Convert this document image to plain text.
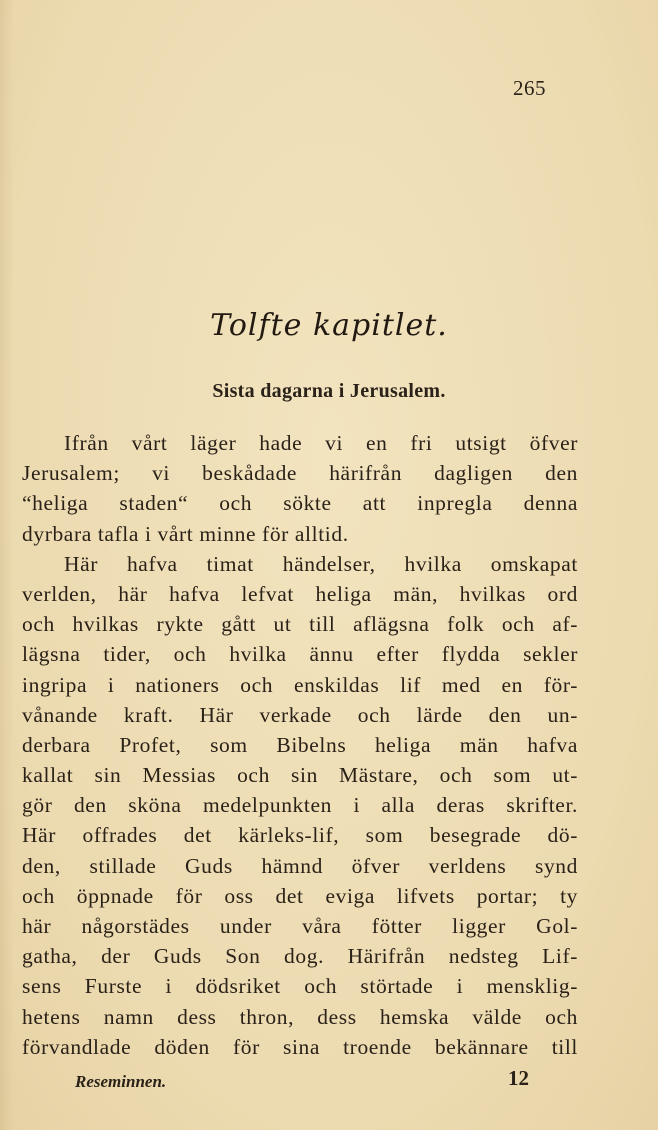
265
Tolfte kapitlet.
Sista dagarna i Jerusalem.
Ifrån vårt läger hade vi en fri utsigt öfver
Jerusalem; vi beskådade härifrån dagligen den
“heliga staden“ och sökte att inpregla denna
dyrbara tafla i vårt minne för alltid.
Här hafva timat händelser, hvilka omskapat
verlden, här hafva lefvat heliga män, hvilkas ord
och hvilkas rykte gått ut till aflägsna folk och af-
lägsna tider, och hvilka ännu efter flydda sekler
ingripa i nationers och enskildas lif med en för-
vånande kraft. Här verkade och lärde den un-
derbara Profet, som Bibelns heliga män hafva
kallat sin Messias och sin Mästare, och som ut-
gör den sköna medelpunkten i alla deras skrifter.
Här offrades det kärleks-lif, som besegrade dö-
den, stillade Guds hämnd öfver verldens synd
och öppnade för oss det eviga lifvets portar; ty
här någorstädes under våra fötter ligger Gol-
gatha, der Guds Son dog. Härifrån nedsteg Lif-
sens Furste i dödsriket och störtade i mensklig-
hetens namn dess thron, dess hemska välde och
förvandlade döden för sina troende bekännare till
Reseminnen.	12
